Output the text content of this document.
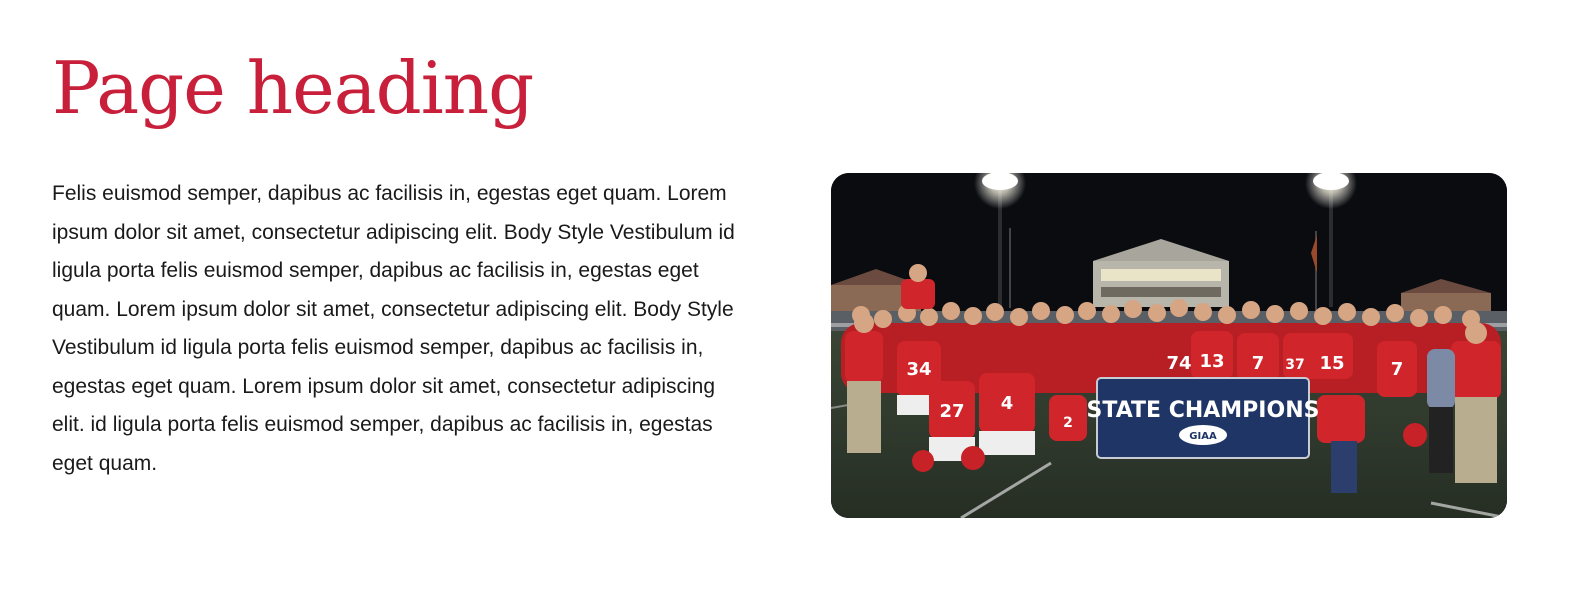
Page heading

Felis euismod semper, dapibus ac facilisis in, egestas eget quam. Lorem ipsum dolor sit amet, consectetur adipiscing elit. Body Style Vestibulum id ligula porta felis euismod semper, dapibus ac facilisis in, egestas eget quam. Lorem ipsum dolor sit amet, consectetur adipiscing elit. Body Style Vestibulum id ligula porta felis euismod semper, dapibus ac facilisis in, egestas eget quam. Lorem ipsum dolor sit amet, consectetur adipiscing elit. id ligula porta felis euismod semper, dapibus ac facilisis in, egestas eget quam.

34
27 4
2
74 13 7	15	7
37
STATE CHAMPIONS
GIAA
